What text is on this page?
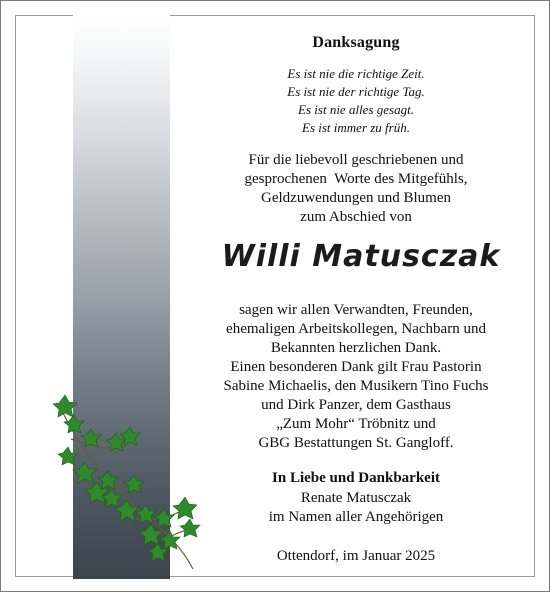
Danksagung
Es ist nie die richtige Zeit.
Es ist nie der richtige Tag.
Es ist nie alles gesagt.
Es ist immer zu früh.
Für die liebevoll geschriebenen und
gesprochenen  Worte des Mitgefühls,
Geldzuwendungen und Blumen
zum Abschied von
Willi Matusczak
sagen wir allen Verwandten, Freunden,
ehemaligen Arbeitskollegen, Nachbarn und
Bekannten herzlichen Dank.
Einen besonderen Dank gilt Frau Pastorin
Sabine Michaelis, den Musikern Tino Fuchs
und Dirk Panzer, dem Gasthaus
„Zum Mohr“ Tröbnitz und
GBG Bestattungen St. Gangloff.
In Liebe und Dankbarkeit
Renate Matusczak
im Namen aller Angehörigen
Ottendorf, im Januar 2025
